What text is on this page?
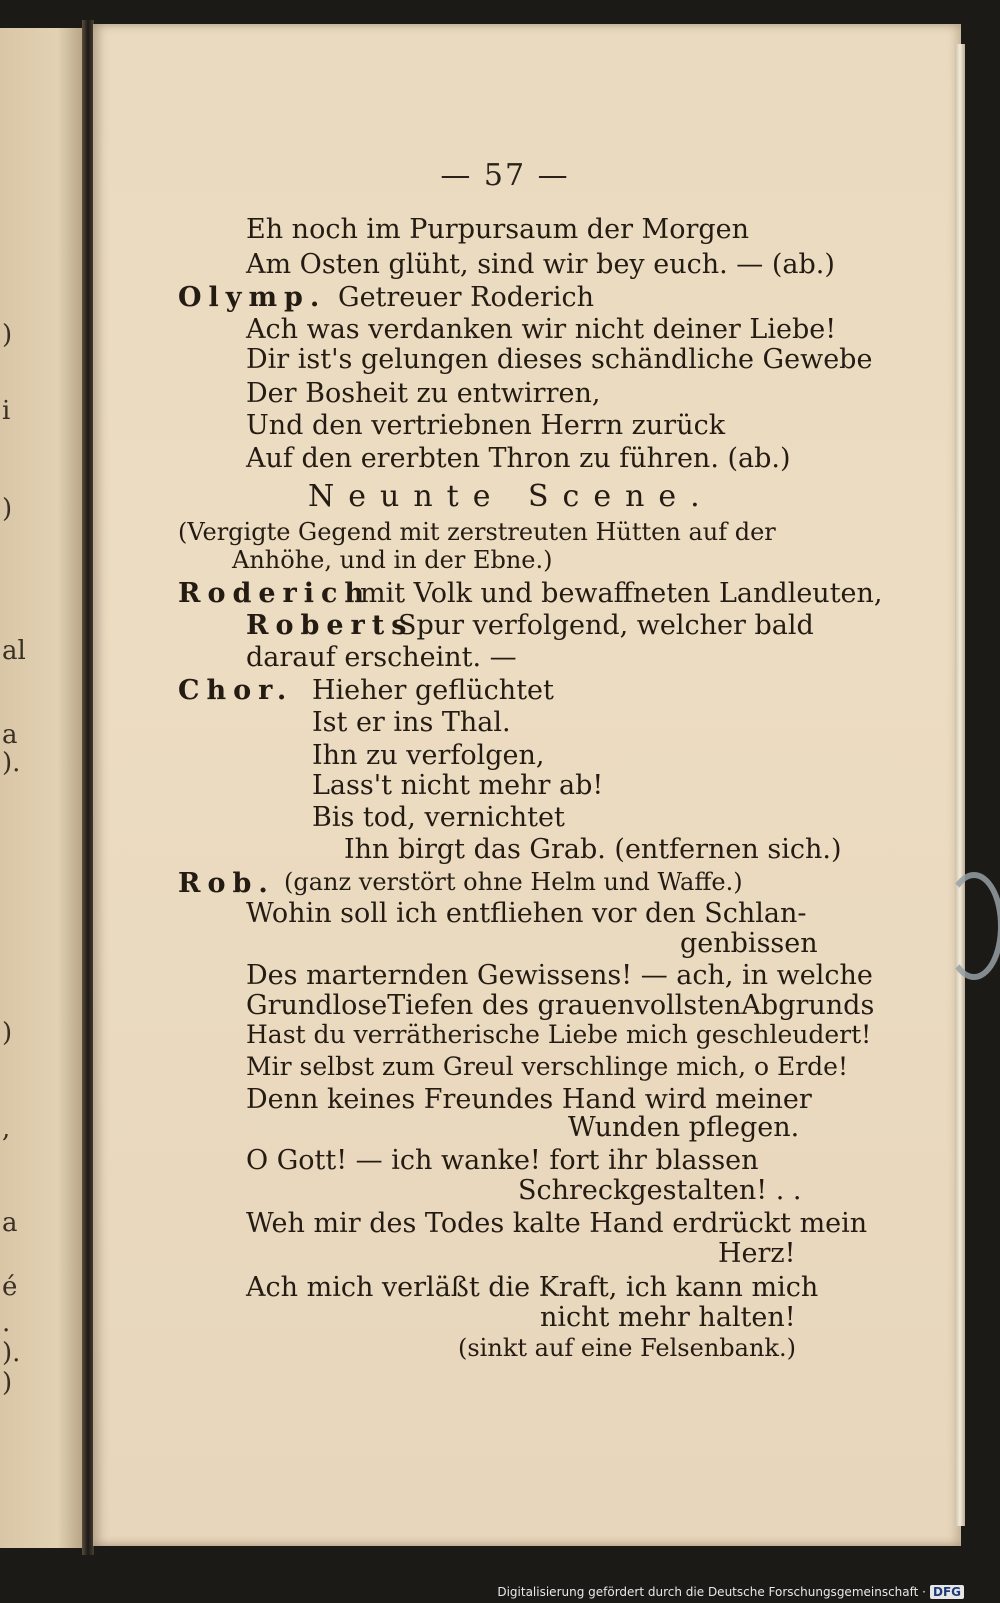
)
i
)
al
a
).
)
,
a
é
.
).
)
— 57 —
Eh noch im Purpursaum der Morgen
Am Osten glüht, sind wir bey euch. — (ab.)
Olymp. Getreuer Roderich
Ach was verdanken wir nicht deiner Liebe!
Dir ist's gelungen dieses schändliche Gewebe
Der Bosheit zu entwirren,
Und den vertriebnen Herrn zurück
Auf den ererbten Thron zu führen. (ab.)
Neunte Scene.
(Vergigte Gegend mit zerstreuten Hütten auf der
Anhöhe, und in der Ebne.)
Roderich
mit Volk und bewaffneten Landleuten,
Roberts
Spur verfolgend, welcher bald
darauf erscheint. —
Chor. Hieher geflüchtet
Ist er ins Thal.
Ihn zu verfolgen,
Lass't nicht mehr ab!
Bis tod, vernichtet
Ihn birgt das Grab. (entfernen sich.)
Rob. (ganz verstört ohne Helm und Waffe.)
Wohin soll ich entfliehen vor den Schlan-
genbissen
Des marternden Gewissens! — ach, in welche
GrundloseTiefen des grauenvollstenAbgrunds
Hast du verrätherische Liebe mich geschleudert!
Mir selbst zum Greul verschlinge mich, o Erde!
Denn keines Freundes Hand wird meiner
Wunden pflegen.
O Gott! — ich wanke! fort ihr blassen
Schreckgestalten! . .
Weh mir des Todes kalte Hand erdrückt mein
Herz!
Ach mich verläßt die Kraft, ich kann mich
nicht mehr halten!
(sinkt auf eine Felsenbank.)
Digitalisierung gefördert durch die Deutsche Forschungsgemeinschaft · DFG
